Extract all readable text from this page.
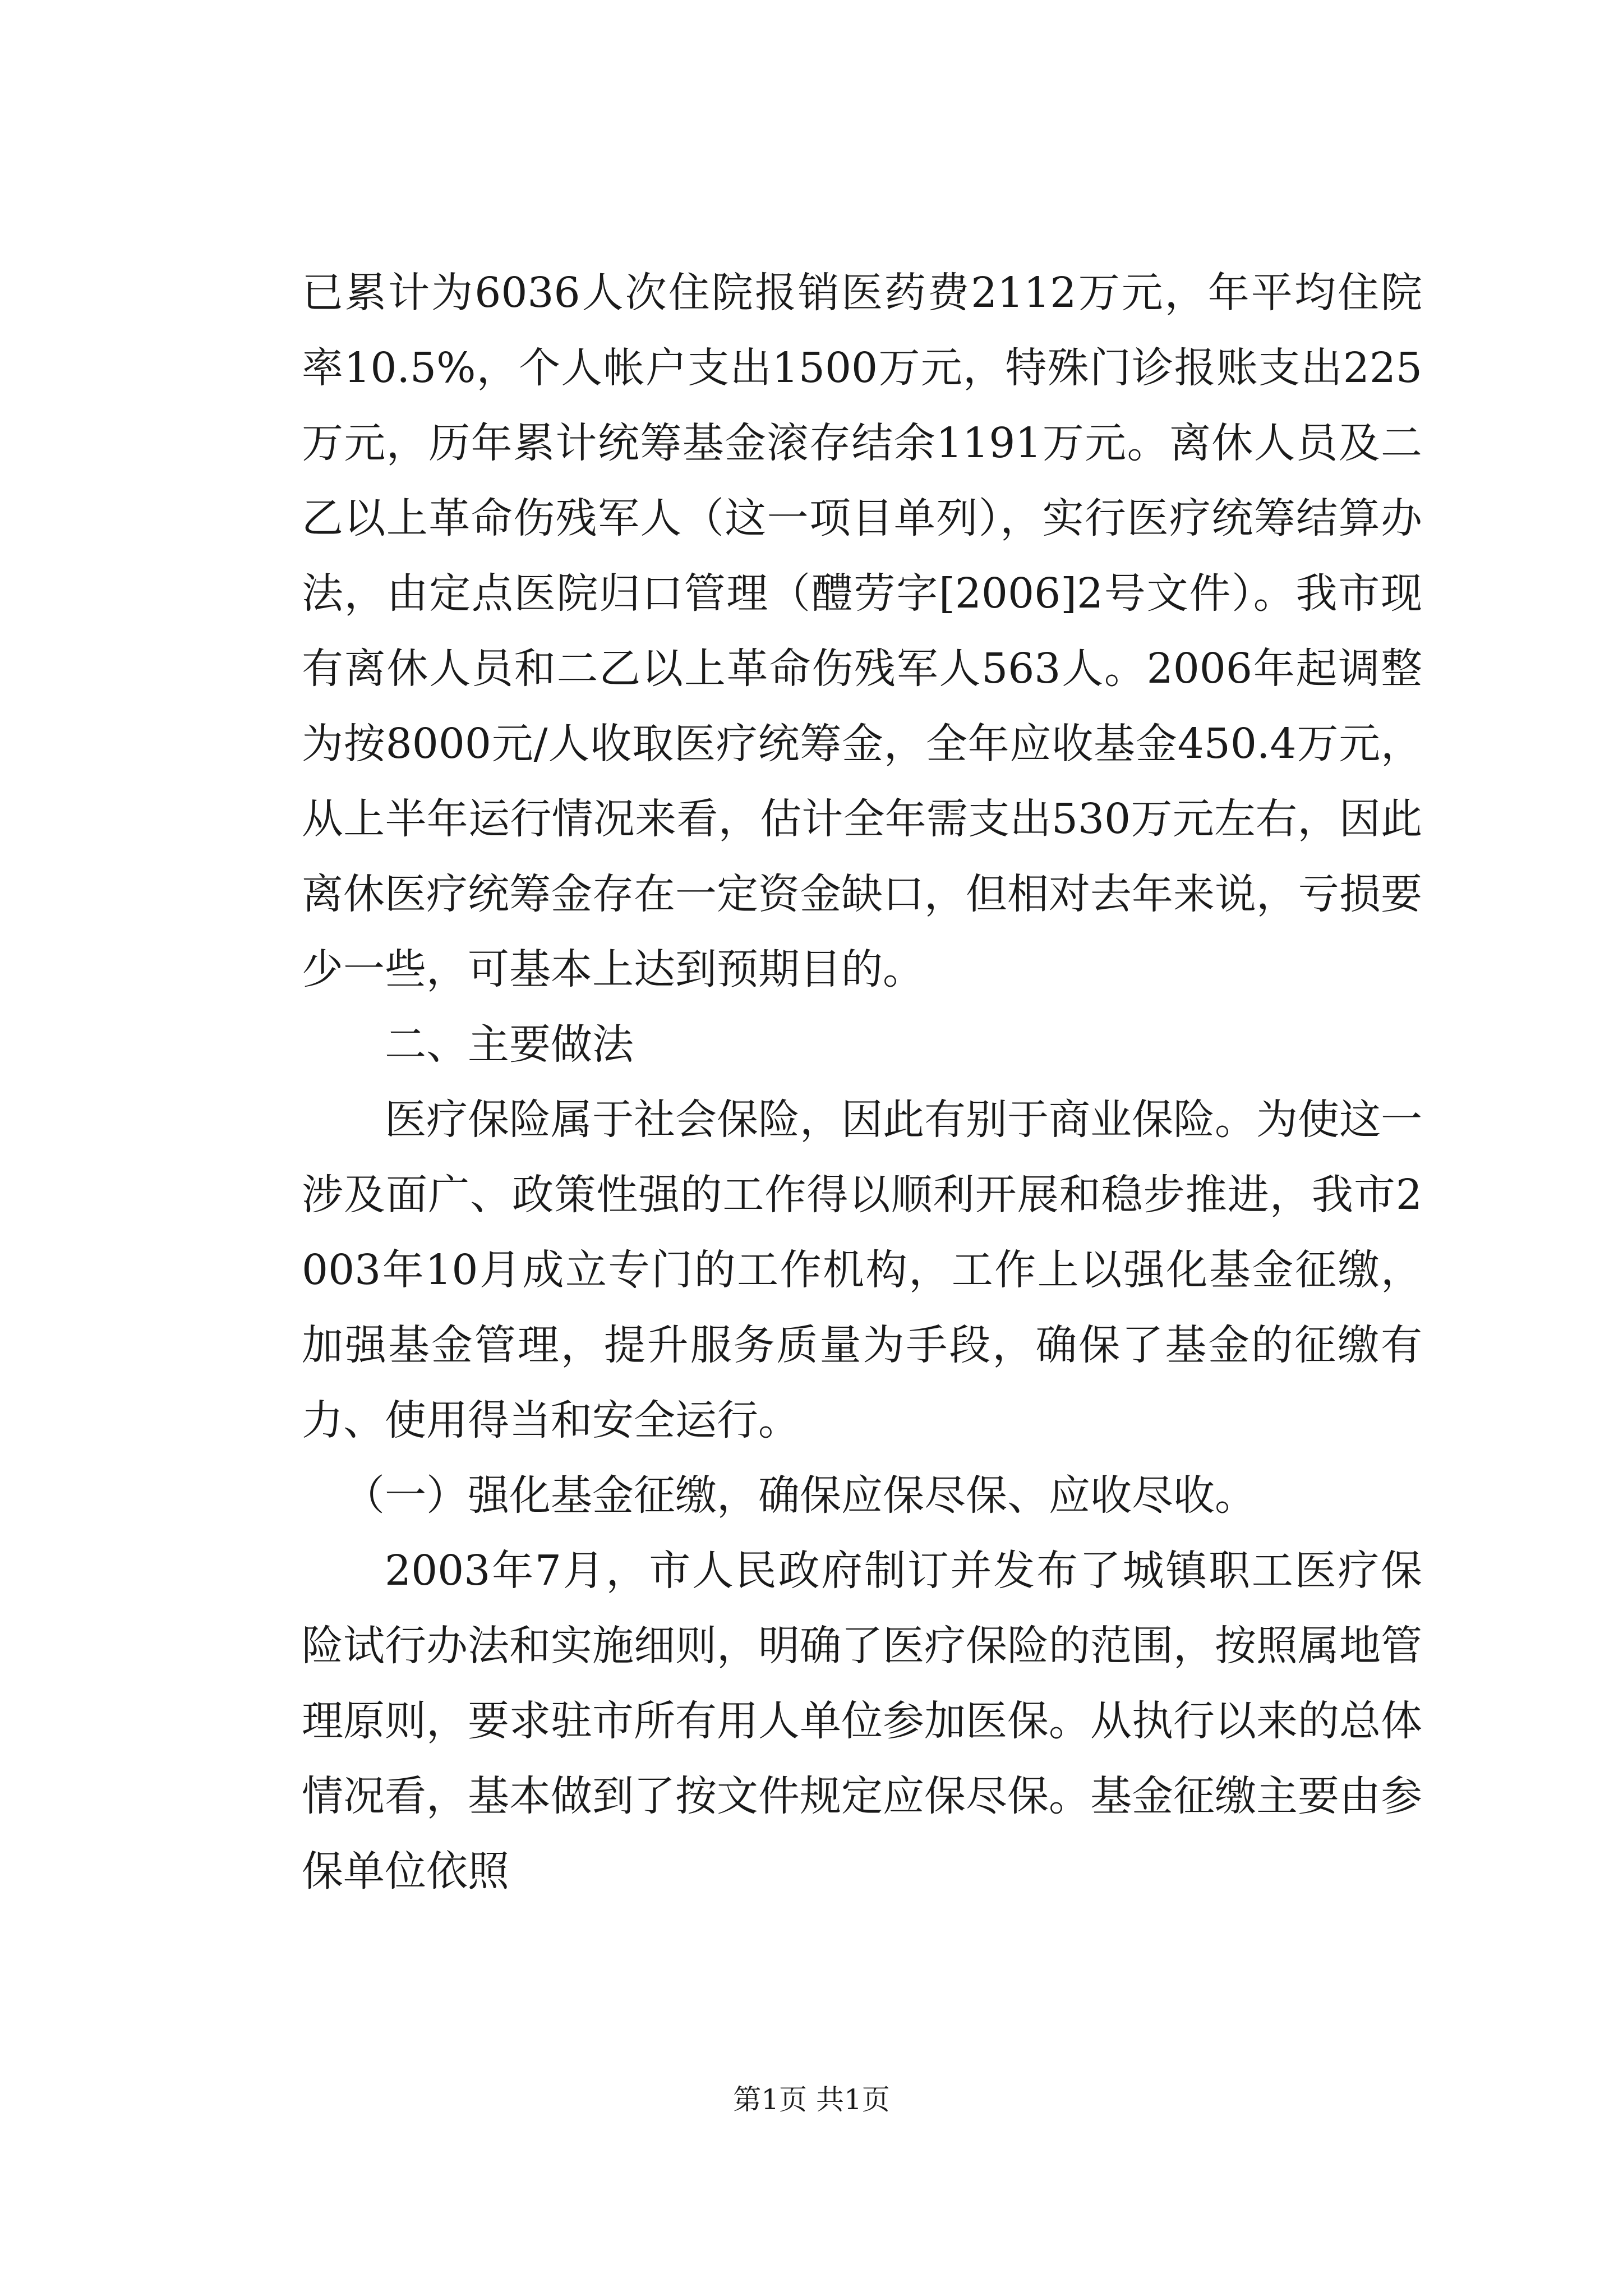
已累计为6036人次住院报销医药费2112万元，年平均住院率10.5%，个人帐户支出1500万元，特殊门诊报账支出225万元，历年累计统筹基金滚存结余1191万元。离休人员及二乙以上革命伤残军人（这一项目单列），实行医疗统筹结算办法，由定点医院归口管理（醴劳字[2006]2号文件）。我市现有离休人员和二乙以上革命伤残军人563人。2006年起调整为按8000元/人收取医疗统筹金，全年应收基金450.4万元，从上半年运行情况来看，估计全年需支出530万元左右，因此离休医疗统筹金存在一定资金缺口，但相对去年来说，亏损要少一些，可基本上达到预期目的。

二、主要做法

医疗保险属于社会保险，因此有别于商业保险。为使这一涉及面广、政策性强的工作得以顺利开展和稳步推进，我市2003年10月成立专门的工作机构，工作上以强化基金征缴，加强基金管理，提升服务质量为手段，确保了基金的征缴有力、使用得当和安全运行。

（一）强化基金征缴，确保应保尽保、应收尽收。

2003年7月，市人民政府制订并发布了城镇职工医疗保险试行办法和实施细则，明确了医疗保险的范围，按照属地管理原则，要求驻市所有用人单位参加医保。从执行以来的总体情况看，基本做到了按文件规定应保尽保。基金征缴主要由参保单位依照

第1页 共1页
